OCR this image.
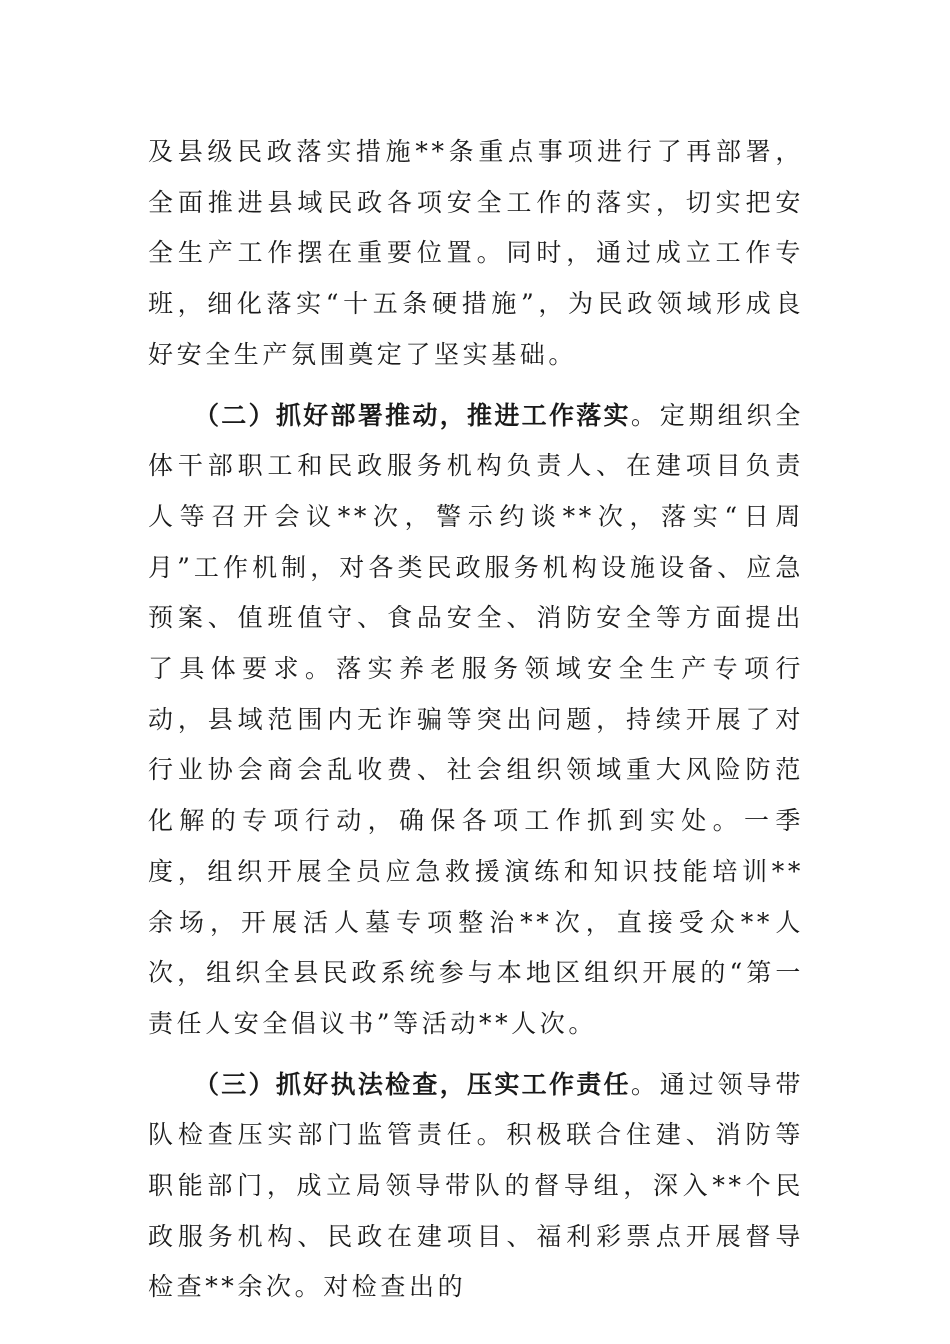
及县级民政落实措施**条重点事项进行了再部署，全面推进县域民政各项安全工作的落实，切实把安全生产工作摆在重要位置。同时，通过成立工作专班，细化落实“十五条硬措施”，为民政领域形成良好安全生产氛围奠定了坚实基础。

（二）抓好部署推动，推进工作落实。定期组织全体干部职工和民政服务机构负责人、在建项目负责人等召开会议**次，警示约谈**次，落实“日周月”工作机制，对各类民政服务机构设施设备、应急预案、值班值守、食品安全、消防安全等方面提出了具体要求。落实养老服务领域安全生产专项行动，县域范围内无诈骗等突出问题，持续开展了对行业协会商会乱收费、社会组织领域重大风险防范化解的专项行动，确保各项工作抓到实处。一季度，组织开展全员应急救援演练和知识技能培训**余场，开展活人墓专项整治**次，直接受众**人次，组织全县民政系统参与本地区组织开展的“第一责任人安全倡议书”等活动**人次。

（三）抓好执法检查，压实工作责任。通过领导带队检查压实部门监管责任。积极联合住建、消防等职能部门，成立局领导带队的督导组，深入**个民政服务机构、民政在建项目、福利彩票点开展督导检查**余次。对检查出的
